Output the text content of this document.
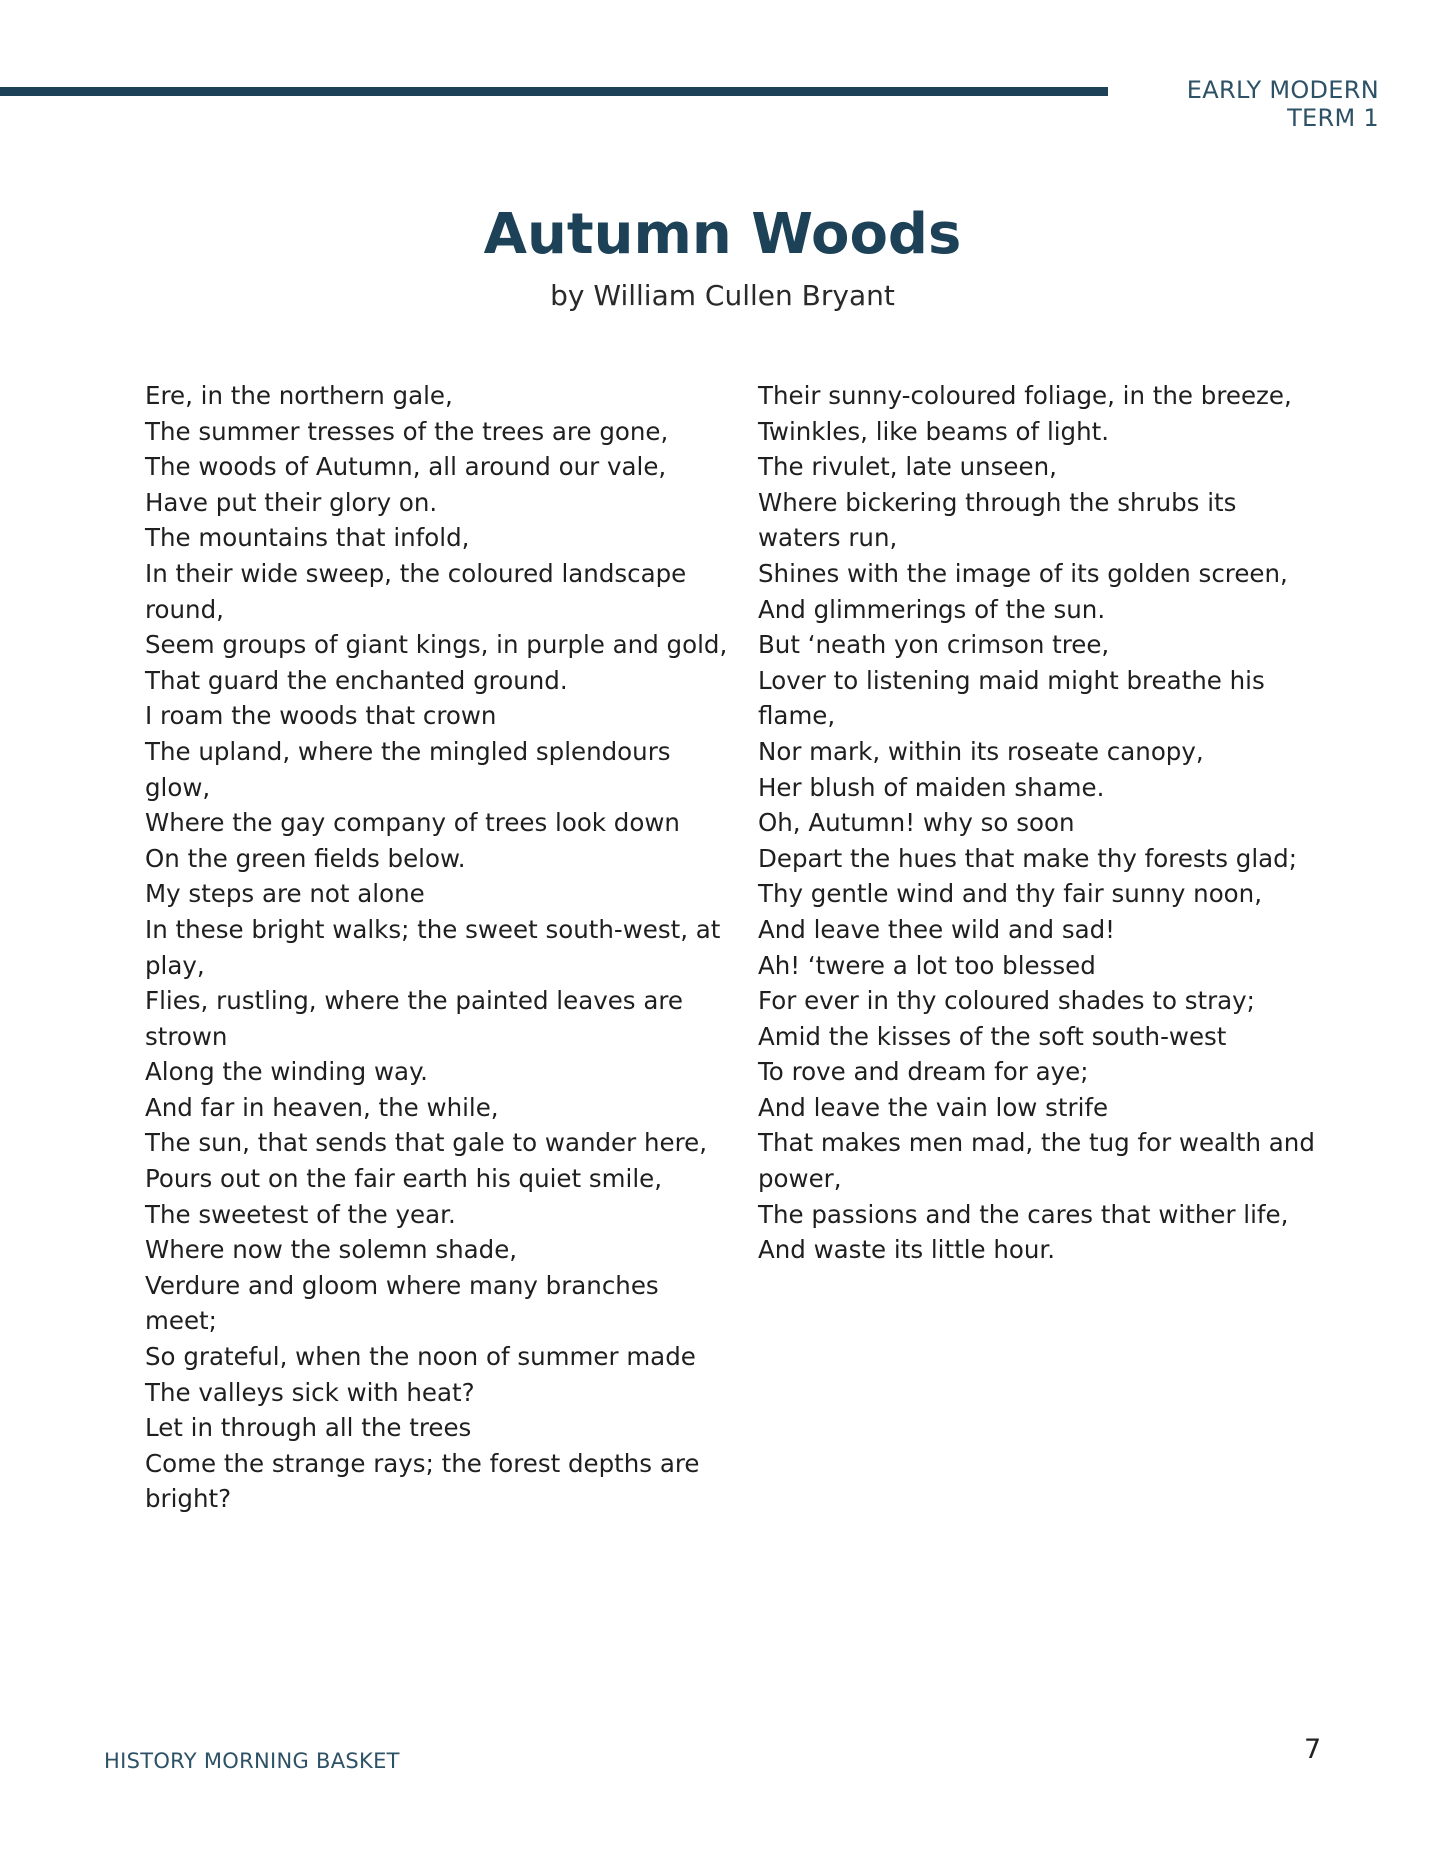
EARLY MODERN
TERM 1
Autumn Woods
by William Cullen Bryant
Ere, in the northern gale,
The summer tresses of the trees are gone,
The woods of Autumn, all around our vale,
Have put their glory on.
The mountains that infold,
In their wide sweep, the coloured landscape
round,
Seem groups of giant kings, in purple and gold,
That guard the enchanted ground.
I roam the woods that crown
The upland, where the mingled splendours
glow,
Where the gay company of trees look down
On the green fields below.
My steps are not alone
In these bright walks; the sweet south-west, at
play,
Flies, rustling, where the painted leaves are
strown
Along the winding way.
And far in heaven, the while,
The sun, that sends that gale to wander here,
Pours out on the fair earth his quiet smile,
The sweetest of the year.
Where now the solemn shade,
Verdure and gloom where many branches
meet;
So grateful, when the noon of summer made
The valleys sick with heat?
Let in through all the trees
Come the strange rays; the forest depths are
bright?
Their sunny-coloured foliage, in the breeze,
Twinkles, like beams of light.
The rivulet, late unseen,
Where bickering through the shrubs its
waters run,
Shines with the image of its golden screen,
And glimmerings of the sun.
But ‘neath yon crimson tree,
Lover to listening maid might breathe his
flame,
Nor mark, within its roseate canopy,
Her blush of maiden shame.
Oh, Autumn! why so soon
Depart the hues that make thy forests glad;
Thy gentle wind and thy fair sunny noon,
And leave thee wild and sad!
Ah! ‘twere a lot too blessed
For ever in thy coloured shades to stray;
Amid the kisses of the soft south-west
To rove and dream for aye;
And leave the vain low strife
That makes men mad, the tug for wealth and
power,
The passions and the cares that wither life,
And waste its little hour.
HISTORY MORNING BASKET	7
